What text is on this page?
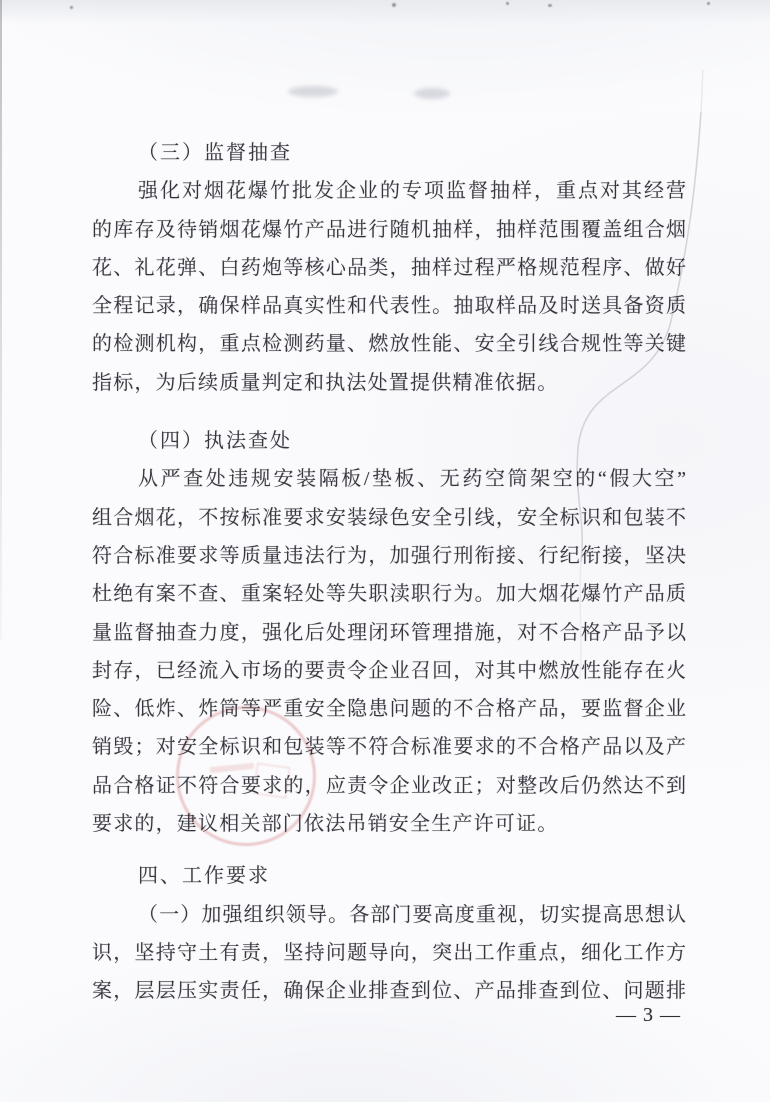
（三）监督抽查
强化对烟花爆竹批发企业的专项监督抽样，重点对其经营
的库存及待销烟花爆竹产品进行随机抽样，抽样范围覆盖组合烟
花、礼花弹、白药炮等核心品类，抽样过程严格规范程序、做好
全程记录，确保样品真实性和代表性。抽取样品及时送具备资质
的检测机构，重点检测药量、燃放性能、安全引线合规性等关键
指标，为后续质量判定和执法处置提供精准依据。
（四）执法查处
从严查处违规安装隔板/垫板、无药空筒架空的“假大空”
组合烟花，不按标准要求安装绿色安全引线，安全标识和包装不
符合标准要求等质量违法行为，加强行刑衔接、行纪衔接，坚决
杜绝有案不查、重案轻处等失职渎职行为。加大烟花爆竹产品质
量监督抽查力度，强化后处理闭环管理措施，对不合格产品予以
封存，已经流入市场的要责令企业召回，对其中燃放性能存在火
险、低炸、炸筒等严重安全隐患问题的不合格产品，要监督企业
销毁；对安全标识和包装等不符合标准要求的不合格产品以及产
品合格证不符合要求的，应责令企业改正；对整改后仍然达不到
要求的，建议相关部门依法吊销安全生产许可证。
四、工作要求
（一）加强组织领导。各部门要高度重视，切实提高思想认
识，坚持守土有责，坚持问题导向，突出工作重点，细化工作方
案，层层压实责任，确保企业排查到位、产品排查到位、问题排
— 3 —
